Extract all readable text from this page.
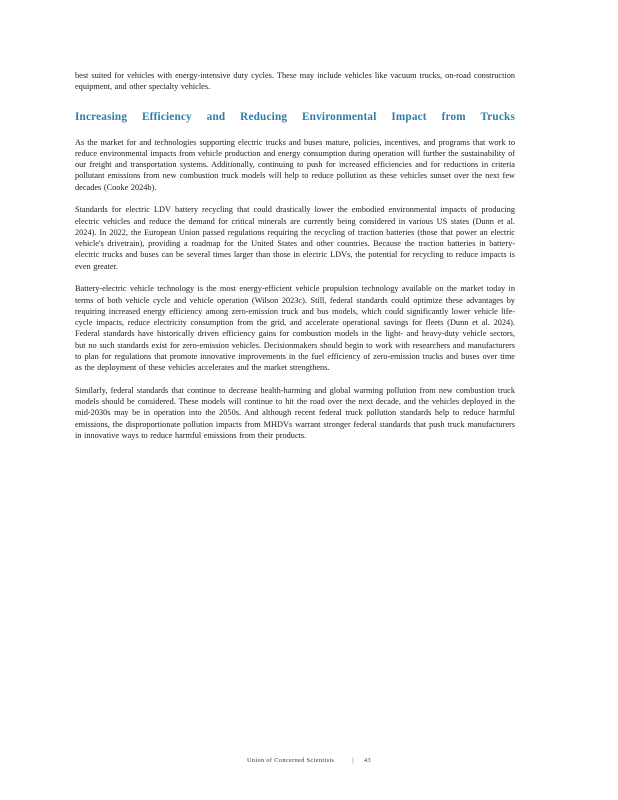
best suited for vehicles with energy-intensive duty cycles. These may include vehicles like vacuum trucks, on-road construction equipment, and other specialty vehicles.

Increasing Efficiency and Reducing Environmental Impact from Trucks

As the market for and technologies supporting electric trucks and buses mature, policies, incentives, and programs that work to reduce environmental impacts from vehicle production and energy consumption during operation will further the sustainability of our freight and transportation systems. Additionally, continuing to push for increased efficiencies and for reductions in criteria pollutant emissions from new combustion truck models will help to reduce pollution as these vehicles sunset over the next few decades (Cooke 2024b).

Standards for electric LDV battery recycling that could drastically lower the embodied environmental impacts of producing electric vehicles and reduce the demand for critical minerals are currently being considered in various US states (Dunn et al. 2024). In 2022, the European Union passed regulations requiring the recycling of traction batteries (those that power an electric vehicle's drivetrain), providing a roadmap for the United States and other countries. Because the traction batteries in battery-electric trucks and buses can be several times larger than those in electric LDVs, the potential for recycling to reduce impacts is even greater.

Battery-electric vehicle technology is the most energy-efficient vehicle propulsion technology available on the market today in terms of both vehicle cycle and vehicle operation (Wilson 2023c). Still, federal standards could optimize these advantages by requiring increased energy efficiency among zero-emission truck and bus models, which could significantly lower vehicle life-cycle impacts, reduce electricity consumption from the grid, and accelerate operational savings for fleets (Dunn et al. 2024). Federal standards have historically driven efficiency gains for combustion models in the light- and heavy-duty vehicle sectors, but no such standards exist for zero-emission vehicles. Decisionmakers should begin to work with researchers and manufacturers to plan for regulations that promote innovative improvements in the fuel efficiency of zero-emission trucks and buses over time as the deployment of these vehicles accelerates and the market strengthens.

Similarly, federal standards that continue to decrease health-harming and global warming pollution from new combustion truck models should be considered. These models will continue to hit the road over the next decade, and the vehicles deployed in the mid-2030s may be in operation into the 2050s. And although recent federal truck pollution standards help to reduce harmful emissions, the disproportionate pollution impacts from MHDVs warrant stronger federal standards that push truck manufacturers in innovative ways to reduce harmful emissions from their products.

Union of Concerned Scientists	| 43
